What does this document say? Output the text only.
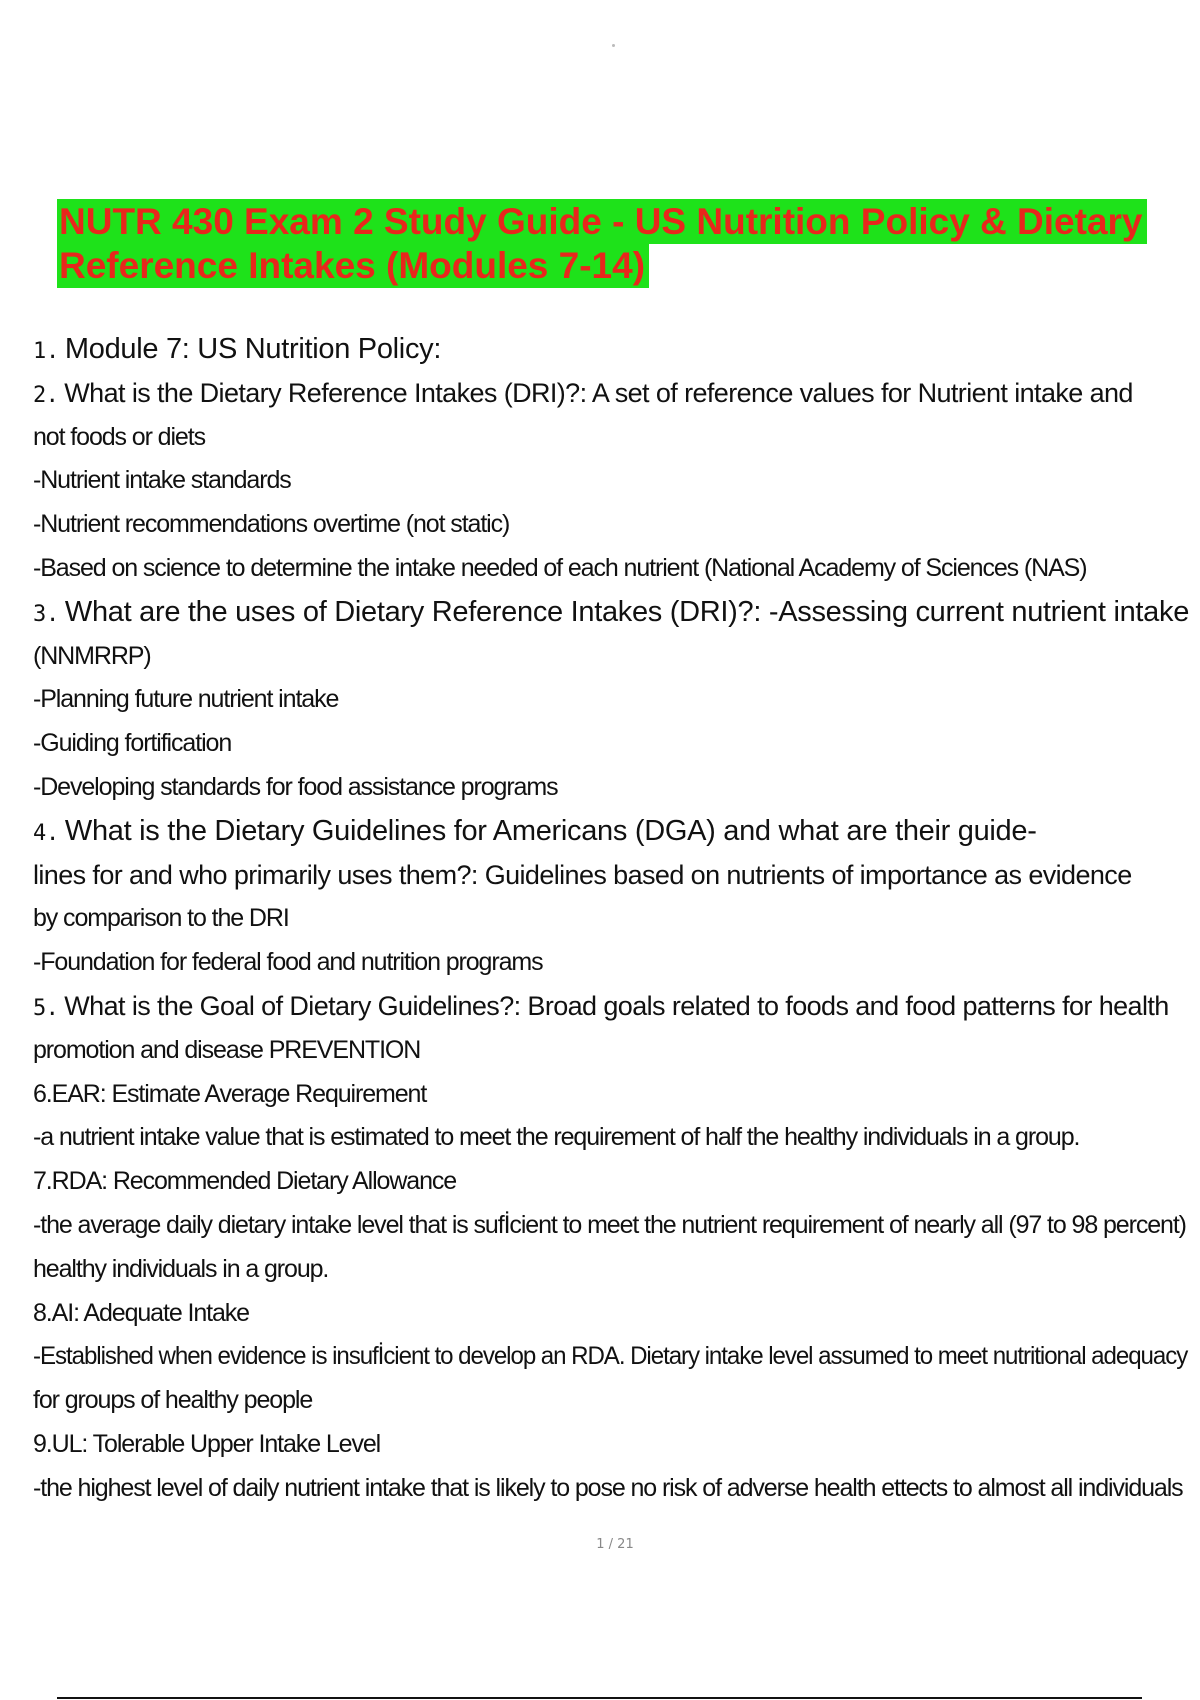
NUTR 430 Exam 2 Study Guide - US Nutrition Policy & Dietary
Reference Intakes (Modules 7-14)
1. Module 7: US Nutrition Policy:
2. What is the Dietary Reference Intakes (DRI)?: A set of reference values for Nutrient intake and
not foods or diets
-Nutrient intake standards
-Nutrient recommendations overtime (not static)
-Based on science to determine the intake needed of each nutrient (National Academy of Sciences (NAS)
3. What are the uses of Dietary Reference Intakes (DRI)?: -Assessing current nutrient intake
(NNMRRP)
-Planning future nutrient intake
-Guiding fortification
-Developing standards for food assistance programs
4. What is the Dietary Guidelines for Americans (DGA) and what are their guide-
lines for and who primarily uses them?: Guidelines based on nutrients of importance as evidence
by comparison to the DRI
-Foundation for federal food and nutrition programs
5. What is the Goal of Dietary Guidelines?: Broad goals related to foods and food patterns for health
promotion and disease PREVENTION
6.EAR: Estimate Average Requirement
-a nutrient intake value that is estimated to meet the requirement of half the healthy individuals in a group.
7.RDA: Recommended Dietary Allowance
-the average daily dietary intake level that is sufİcient to meet the nutrient requirement of nearly all (97 to 98 percent)
healthy individuals in a group.
8.AI: Adequate Intake
-Established when evidence is insufİcient to develop an RDA. Dietary intake level assumed to meet nutritional adequacy
for groups of healthy people
9.UL: Tolerable Upper Intake Level
-the highest level of daily nutrient intake that is likely to pose no risk of adverse health ettects to almost all individuals
1 / 21
